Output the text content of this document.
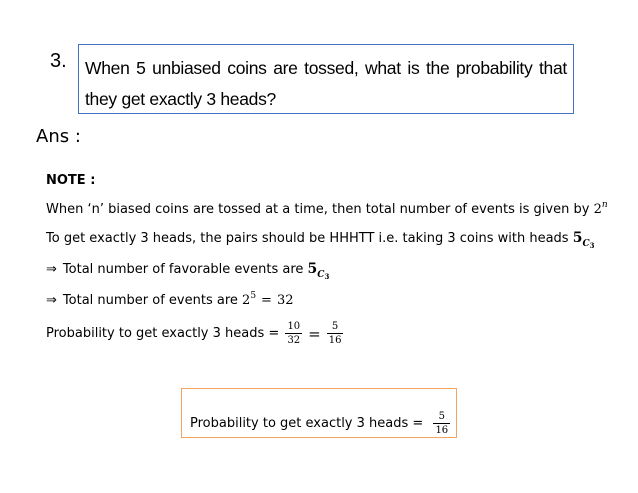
3.	When 5 unbiased coins are tossed, what is the probability that they get exactly 3 heads?
Ans :
NOTE :
When ‘n’ biased coins are tossed at a time, then total number of events is given by 2$^n$
To get exactly 3 heads, the pairs should be HHHTT i.e. taking 3 coins with heads $5_{C_3}$
⇒ Total number of favorable events are $5_{C_3}$
⇒ Total number of events are $2^5 = 32$
Probability to get exactly 3 heads = $\frac{10}{32} = \frac{5}{16}$
Probability to get exactly 3 heads = $\frac{5}{16}$
